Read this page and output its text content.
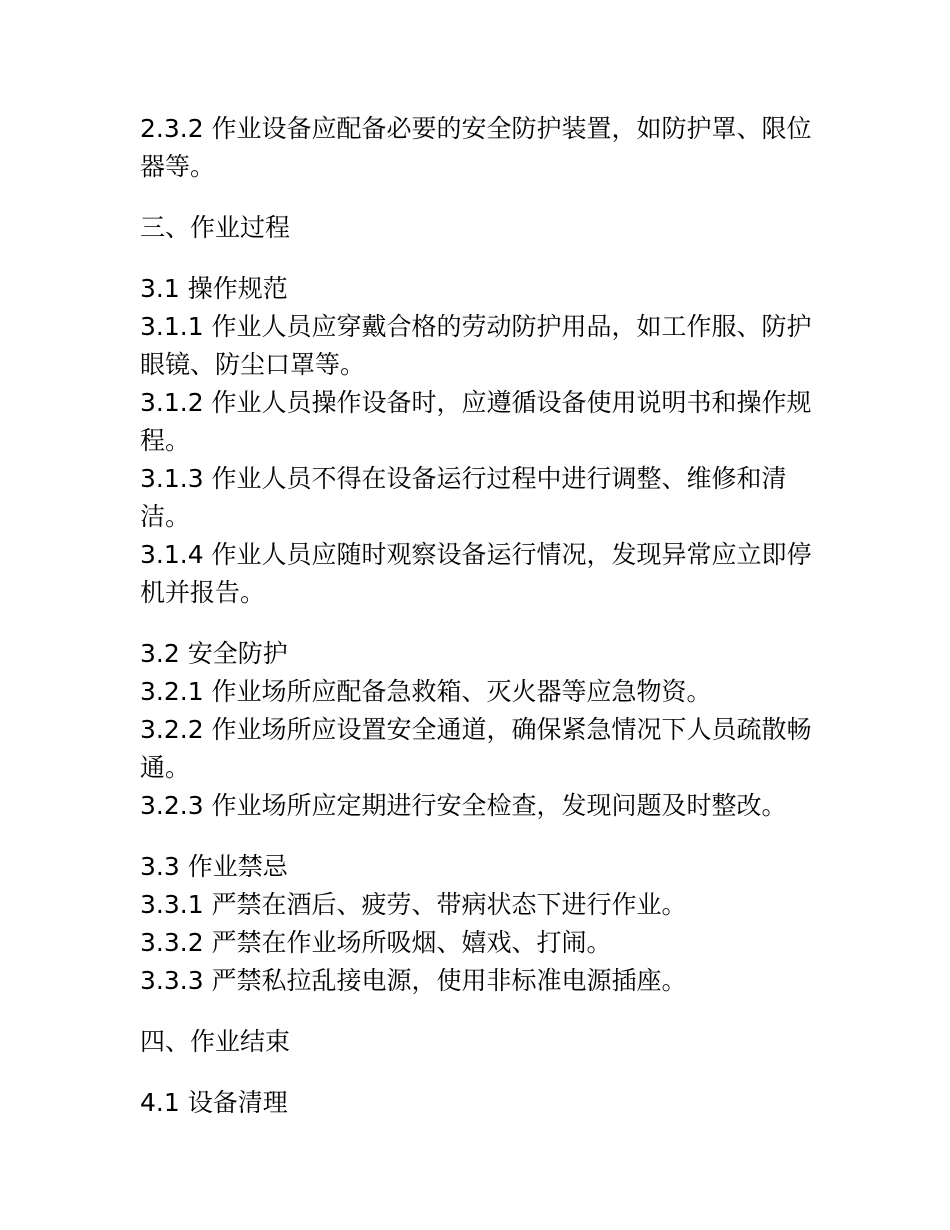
2.3.2 作业设备应配备必要的安全防护装置，如防护罩、限位器等。

三、作业过程

3.1 操作规范

3.1.1 作业人员应穿戴合格的劳动防护用品，如工作服、防护眼镜、防尘口罩等。

3.1.2 作业人员操作设备时，应遵循设备使用说明书和操作规程。

3.1.3 作业人员不得在设备运行过程中进行调整、维修和清洁。

3.1.4 作业人员应随时观察设备运行情况，发现异常应立即停机并报告。

3.2 安全防护

3.2.1 作业场所应配备急救箱、灭火器等应急物资。

3.2.2 作业场所应设置安全通道，确保紧急情况下人员疏散畅通。

3.2.3 作业场所应定期进行安全检查，发现问题及时整改。

3.3 作业禁忌

3.3.1 严禁在酒后、疲劳、带病状态下进行作业。

3.3.2 严禁在作业场所吸烟、嬉戏、打闹。

3.3.3 严禁私拉乱接电源，使用非标准电源插座。

四、作业结束

4.1 设备清理
